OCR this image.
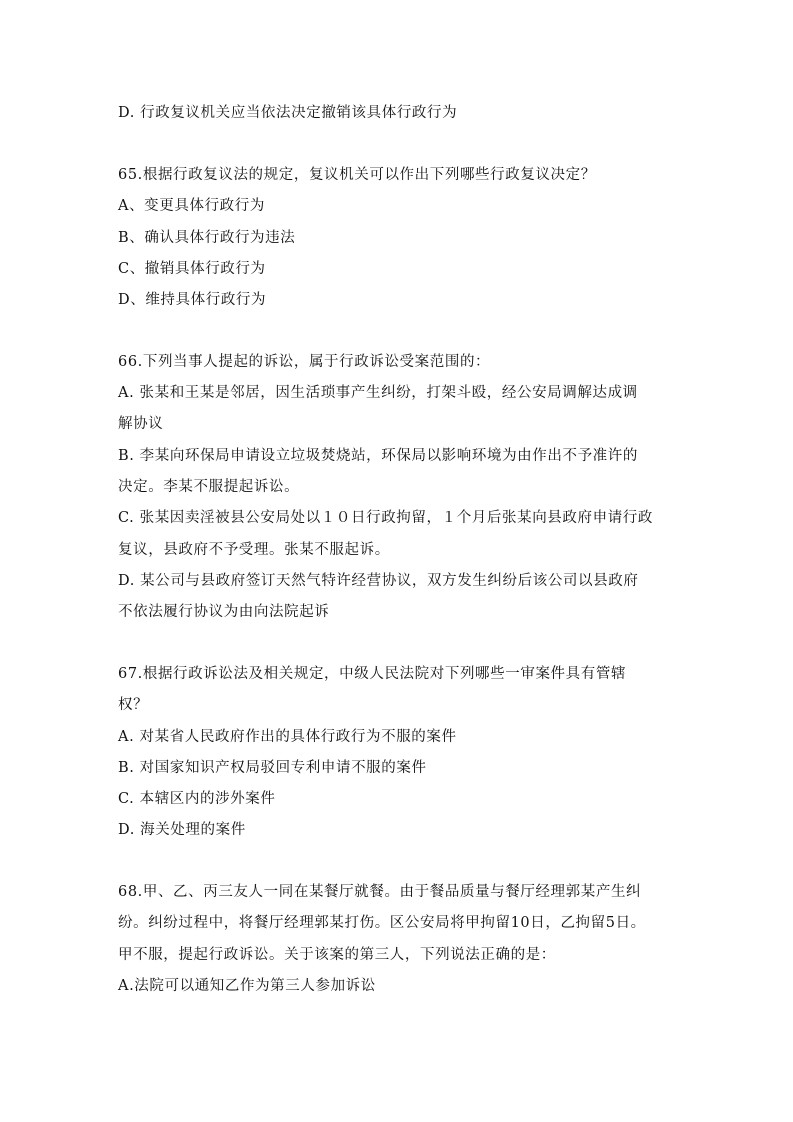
D. 行政复议机关应当依法决定撤销该具体行政行为
65.根据行政复议法的规定，复议机关可以作出下列哪些行政复议决定？
A、变更具体行政行为
B、确认具体行政行为违法
C、撤销具体行政行为
D、维持具体行政行为
66.下列当事人提起的诉讼，属于行政诉讼受案范围的：
A. 张某和王某是邻居，因生活琐事产生纠纷，打架斗殴，经公安局调解达成调
解协议
B. 李某向环保局申请设立垃圾焚烧站，环保局以影响环境为由作出不予准许的
决定。李某不服提起诉讼。
C. 张某因卖淫被县公安局处以１０日行政拘留，１个月后张某向县政府申请行政
复议，县政府不予受理。张某不服起诉。
D. 某公司与县政府签订天然气特许经营协议，双方发生纠纷后该公司以县政府
不依法履行协议为由向法院起诉
67.根据行政诉讼法及相关规定，中级人民法院对下列哪些一审案件具有管辖
权？
A. 对某省人民政府作出的具体行政行为不服的案件
B. 对国家知识产权局驳回专利申请不服的案件
C. 本辖区内的涉外案件
D. 海关处理的案件
68.甲、乙、丙三友人一同在某餐厅就餐。由于餐品质量与餐厅经理郭某产生纠
纷。纠纷过程中，将餐厅经理郭某打伤。区公安局将甲拘留10日，乙拘留5日。
甲不服，提起行政诉讼。关于该案的第三人，下列说法正确的是：
A.法院可以通知乙作为第三人参加诉讼
